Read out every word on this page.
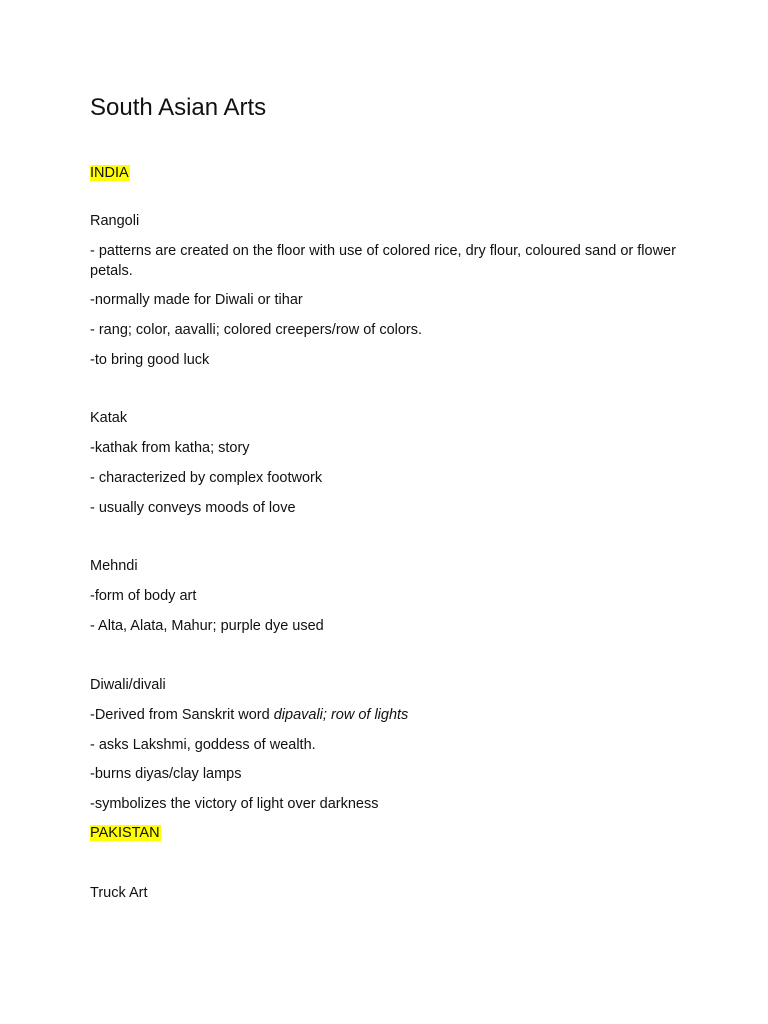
South Asian Arts
INDIA
Rangoli
- patterns are created on the floor with use of colored rice, dry flour, coloured sand or flower petals.
-normally made for Diwali or tihar
- rang; color, aavalli; colored creepers/row of colors.
-to bring good luck
Katak
-kathak from katha; story
- characterized by complex footwork
- usually conveys moods of love
Mehndi
-form of body art
- Alta, Alata, Mahur; purple dye used
Diwali/divali
-Derived from Sanskrit word dipavali; row of lights
- asks Lakshmi, goddess of wealth.
-burns diyas/clay lamps
-symbolizes the victory of light over darkness
PAKISTAN
Truck Art
